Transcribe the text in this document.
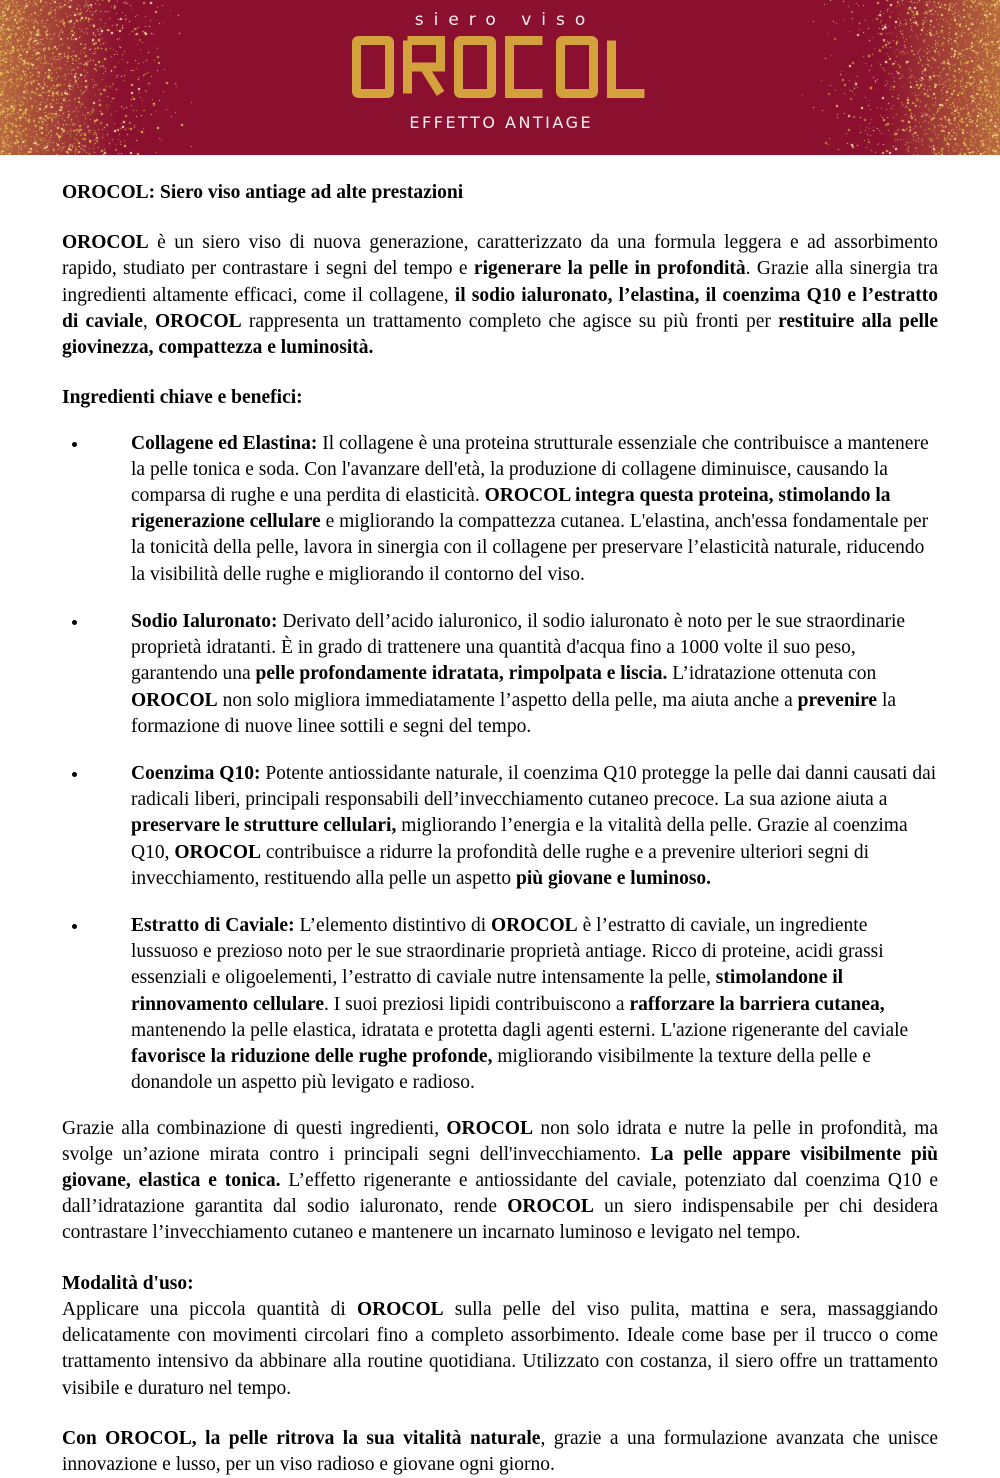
siero viso
EFFETTO ANTIAGE

OROCOL: Siero viso antiage ad alte prestazioni

OROCOL è un siero viso di nuova generazione, caratterizzato da una formula leggera e ad assorbimento rapido, studiato per contrastare i segni del tempo e rigenerare la pelle in profondità. Grazie alla sinergia tra ingredienti altamente efficaci, come il collagene, il sodio ialuronato, l’elastina, il coenzima Q10 e l’estratto di caviale, OROCOL rappresenta un trattamento completo che agisce su più fronti per restituire alla pelle giovinezza, compattezza e luminosità.

Ingredienti chiave e benefici:

Collagene ed Elastina: Il collagene è una proteina strutturale essenziale che contribuisce a mantenere la pelle tonica e soda. Con l'avanzare dell'età, la produzione di collagene diminuisce, causando la comparsa di rughe e una perdita di elasticità. OROCOL integra questa proteina, stimolando la rigenerazione cellulare e migliorando la compattezza cutanea. L'elastina, anch'essa fondamentale per la tonicità della pelle, lavora in sinergia con il collagene per preservare l’elasticità naturale, riducendo la visibilità delle rughe e migliorando il contorno del viso.
Sodio Ialuronato: Derivato dell’acido ialuronico, il sodio ialuronato è noto per le sue straordinarie proprietà idratanti. È in grado di trattenere una quantità d'acqua fino a 1000 volte il suo peso, garantendo una pelle profondamente idratata, rimpolpata e liscia. L’idratazione ottenuta con OROCOL non solo migliora immediatamente l’aspetto della pelle, ma aiuta anche a prevenire la formazione di nuove linee sottili e segni del tempo.
Coenzima Q10: Potente antiossidante naturale, il coenzima Q10 protegge la pelle dai danni causati dai radicali liberi, principali responsabili dell’invecchiamento cutaneo precoce. La sua azione aiuta a preservare le strutture cellulari, migliorando l’energia e la vitalità della pelle. Grazie al coenzima Q10, OROCOL contribuisce a ridurre la profondità delle rughe e a prevenire ulteriori segni di invecchiamento, restituendo alla pelle un aspetto più giovane e luminoso.
Estratto di Caviale: L’elemento distintivo di OROCOL è l’estratto di caviale, un ingrediente lussuoso e prezioso noto per le sue straordinarie proprietà antiage. Ricco di proteine, acidi grassi essenziali e oligoelementi, l’estratto di caviale nutre intensamente la pelle, stimolandone il rinnovamento cellulare. I suoi preziosi lipidi contribuiscono a rafforzare la barriera cutanea, mantenendo la pelle elastica, idratata e protetta dagli agenti esterni. L'azione rigenerante del caviale favorisce la riduzione delle rughe profonde, migliorando visibilmente la texture della pelle e donandole un aspetto più levigato e radioso.

Grazie alla combinazione di questi ingredienti, OROCOL non solo idrata e nutre la pelle in profondità, ma svolge un’azione mirata contro i principali segni dell'invecchiamento. La pelle appare visibilmente più giovane, elastica e tonica. L’effetto rigenerante e antiossidante del caviale, potenziato dal coenzima Q10 e dall’idratazione garantita dal sodio ialuronato, rende OROCOL un siero indispensabile per chi desidera contrastare l’invecchiamento cutaneo e mantenere un incarnato luminoso e levigato nel tempo.

Modalità d'uso:

Applicare una piccola quantità di OROCOL sulla pelle del viso pulita, mattina e sera, massaggiando delicatamente con movimenti circolari fino a completo assorbimento. Ideale come base per il trucco o come trattamento intensivo da abbinare alla routine quotidiana. Utilizzato con costanza, il siero offre un trattamento visibile e duraturo nel tempo.

Con OROCOL, la pelle ritrova la sua vitalità naturale, grazie a una formulazione avanzata che unisce innovazione e lusso, per un viso radioso e giovane ogni giorno.
